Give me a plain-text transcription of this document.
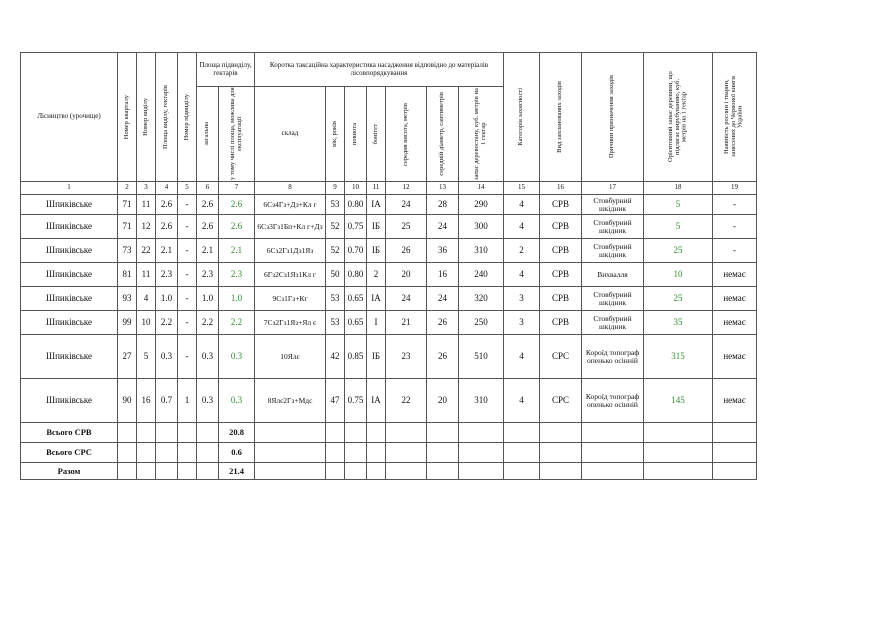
Лісництво (урочище)	Номер кварталу	Номер виділу	Площа виділу, гектарів	Номер підвиділу	Площа підвиділу, гектарів		Коротка таксаційна характеристика насадження відповідно до матеріалів лісовпорядкування							Категорія захисності	Вид запланованих заходів	Причини призначення заходів	Орієнтовний запас деревини, що підлягає вирубуванню, куб. метрів на 1 гектар	Наявність рослин і тварин, занесених до Червоної книги України

					загальна	у тому числі площа, можлива для експлуатації	склад	вік, років	повнота	бонітет	середня висота, метрів	середній діаметр, сантиметрів	запас деревостану, куб. метрів на 1 гектар					

1	2	3	4	5	6	7	8	9	10	11	12	13	14	15	16	17	18	19
Шпиківське	71	11	2.6	-	2.6	2.6	6Сз4Гз+Дз+Кл г	53	0.80	IА	24	28	290	4	СРВ	Стовбурний шкідник	5	-
Шпиківське	71	12	2.6	-	2.6	2.6	6Сз3Гз1Бп+Кл г+Дз	52	0.75	IБ	25	24	300	4	СРВ	Стовбурний шкідник	5	-
Шпиківське	73	22	2.1	-	2.1	2.1	6Сз2Гз1Дз1Яз	52	0.70	IБ	26	36	310	2	СРВ	Стовбурний шкідник	25	-
Шпиківське	81	11	2.3	-	2.3	2.3	6Гз2Сз1Яз1Кл г	50	0.80	2	20	16	240	4	СРВ	Вихвалля	10	немає
Шпиківське	93	4	1.0	-	1.0	1.0	9Сз1Гз+Кг	53	0.65	IА	24	24	320	3	СРВ	Стовбурний шкідник	25	немає
Шпиківське	99	10	2.2	-	2.2	2.2	7Сз2Гз1Яз+Ял є	53	0.65	I	21	26	250	3	СРВ	Стовбурний шкідник	35	немає
Шпиківське	27	5	0.3	-	0.3	0.3	10Ялє	42	0.85	IБ	23	26	510	4	СРС	Короїд топограф опенько осінній	315	немає
Шпиківське	90	16	0.7	1	0.3	0.3	8Ялє2Гз+Мдс	47	0.75	IА	22	20	310	4	СРС	Короїд топограф опенько осінній	145	немає
Всього СРВ						20.8												
Всього СРС						0.6												
Разом						21.4												
